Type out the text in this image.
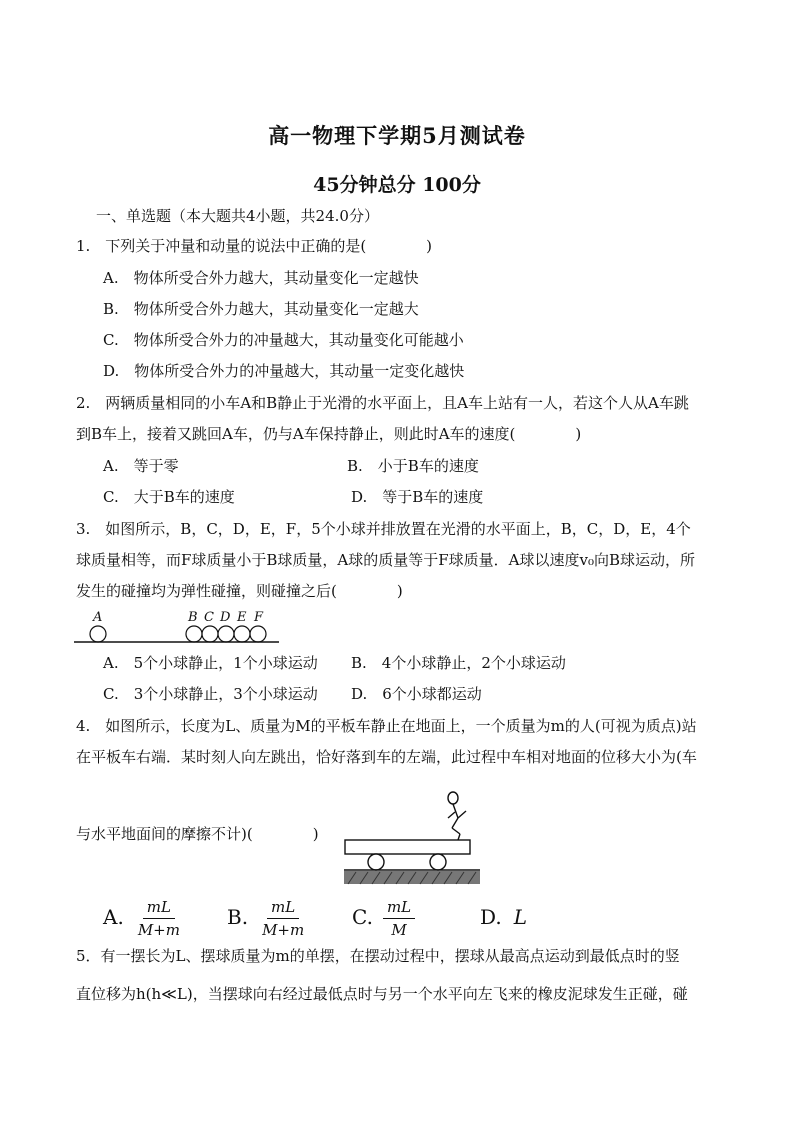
高一物理下学期5月测试卷
45分钟总分 100分
一、单选题（本大题共4小题，共24.0分）
1.　下列关于冲量和动量的说法中正确的是(　　　　)
A.　物体所受合外力越大，其动量变化一定越快
B.　物体所受合外力越大，其动量变化一定越大
C.　物体所受合外力的冲量越大，其动量变化可能越小
D.　物体所受合外力的冲量越大，其动量一定变化越快
2.　两辆质量相同的小车A和B静止于光滑的水平面上，且A车上站有一人，若这个人从A车跳
到B车上，接着又跳回A车，仍与A车保持静止，则此时A车的速度(　　　　)
A.　等于零	B.　小于B车的速度
C.　大于B车的速度	D.　等于B车的速度
3.　如图所示，B，C，D，E，F，5个小球并排放置在光滑的水平面上，B，C，D，E，4个
球质量相等，而F球质量小于B球质量，A球的质量等于F球质量．A球以速度v₀向B球运动，所
发生的碰撞均为弹性碰撞，则碰撞之后(　　　　)
A	B C D E F
A.　5个小球静止，1个小球运动 B.　4个小球静止，2个小球运动
C.　3个小球静止，3个小球运动 D.　6个小球都运动
4.　如图所示，长度为L、质量为M的平板车静止在地面上，一个质量为m的人(可视为质点)站
在平板车右端．某时刻人向左跳出，恰好落到车的左端，此过程中车相对地面的位移大小为(车
与水平地面间的摩擦不计)(　　　　)
A. $\frac{mL}{M+m} B$. $\frac{mL}{M+m} C$. $\frac{mL}{M}$	D. L
5．有一摆长为L、摆球质量为m的单摆，在摆动过程中，摆球从最高点运动到最低点时的竖
直位移为h(h≪L)，当摆球向右经过最低点时与另一个水平向左飞来的橡皮泥球发生正碰，碰
